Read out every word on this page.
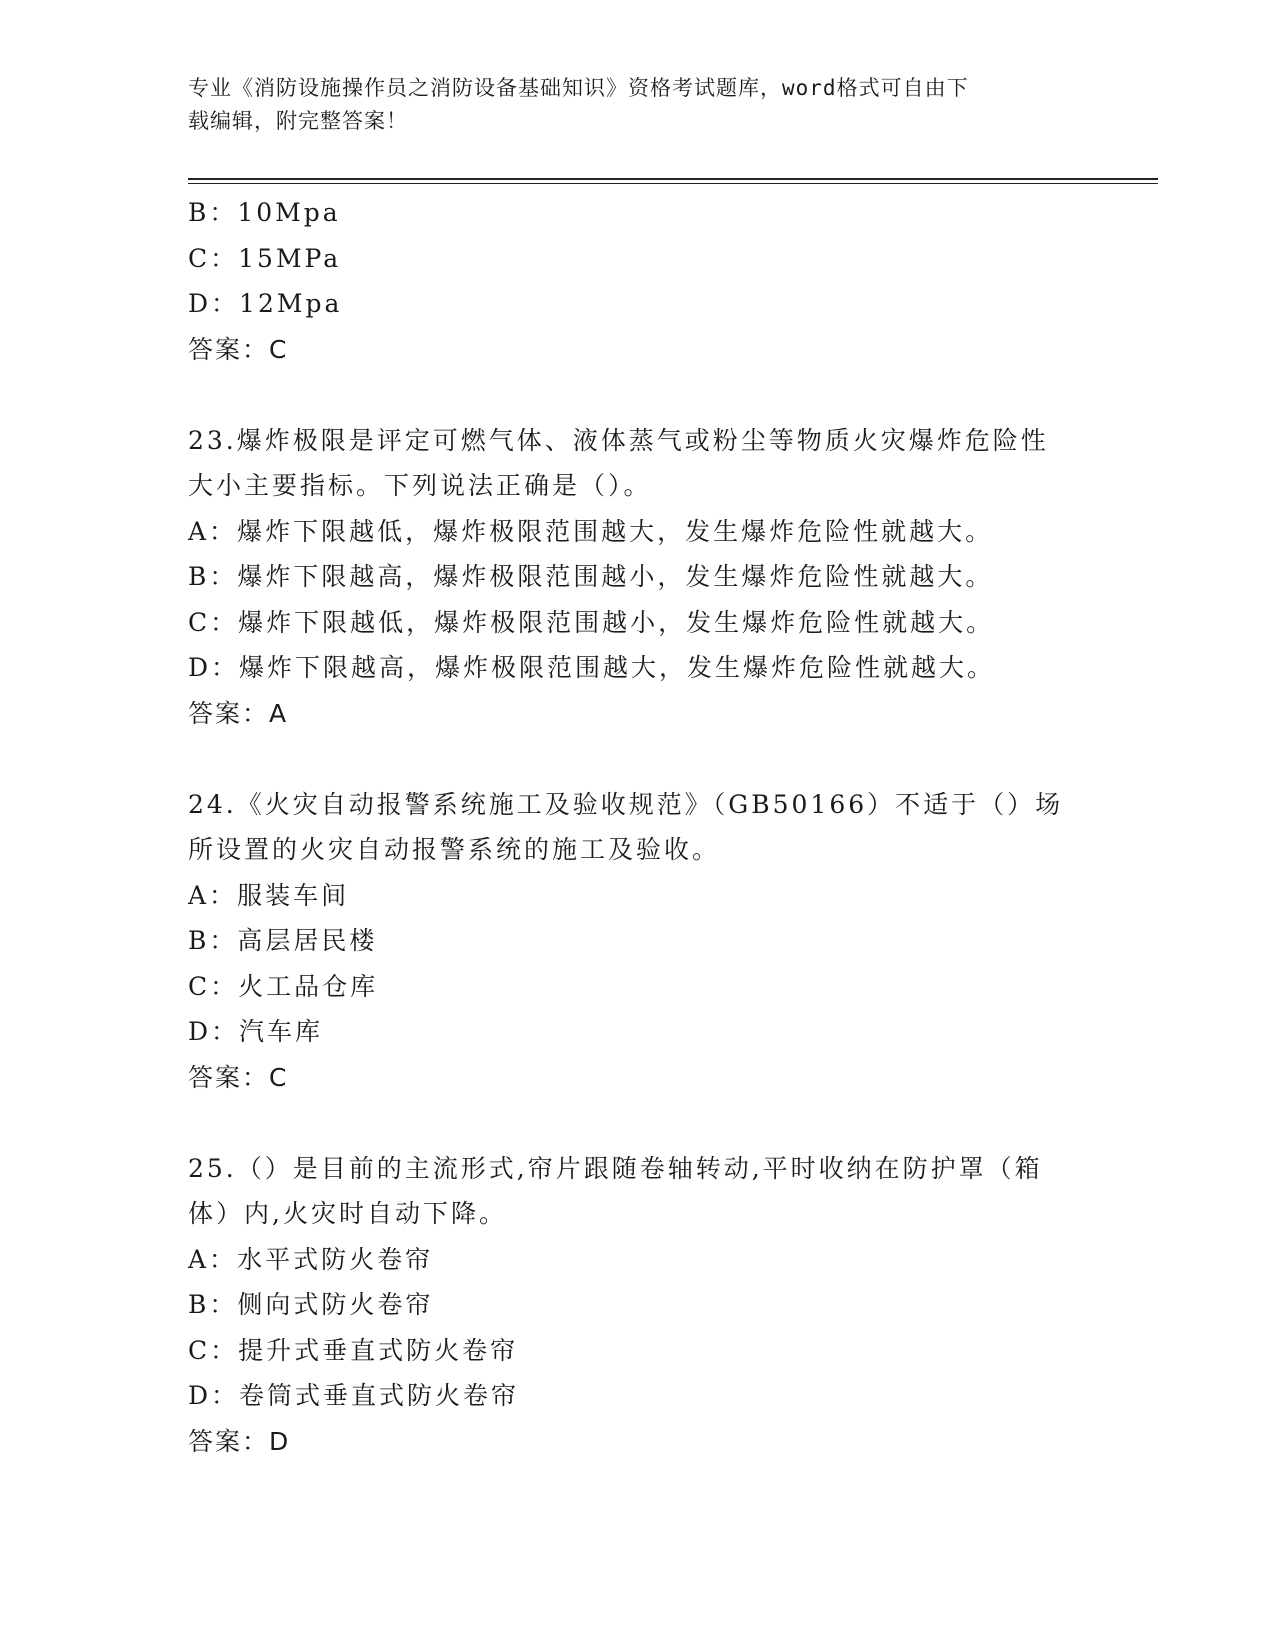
专业《消防设施操作员之消防设备基础知识》资格考试题库，word格式可自由下
载编辑，附完整答案！
B：10Mpa
C：15MPa
D：12Mpa
答案：C
23.爆炸极限是评定可燃气体、液体蒸气或粉尘等物质火灾爆炸危险性
大小主要指标。下列说法正确是（）。
A：爆炸下限越低，爆炸极限范围越大，发生爆炸危险性就越大。
B：爆炸下限越高，爆炸极限范围越小，发生爆炸危险性就越大。
C：爆炸下限越低，爆炸极限范围越小，发生爆炸危险性就越大。
D：爆炸下限越高，爆炸极限范围越大，发生爆炸危险性就越大。
答案：A
24.《火灾自动报警系统施工及验收规范》（GB50166）不适于（）场
所设置的火灾自动报警系统的施工及验收。
A：服装车间
B：高层居民楼
C：火工品仓库
D：汽车库
答案：C
25.（）是目前的主流形式,帘片跟随卷轴转动,平时收纳在防护罩（箱
体）内,火灾时自动下降。
A：水平式防火卷帘
B：侧向式防火卷帘
C：提升式垂直式防火卷帘
D：卷筒式垂直式防火卷帘
答案：D
